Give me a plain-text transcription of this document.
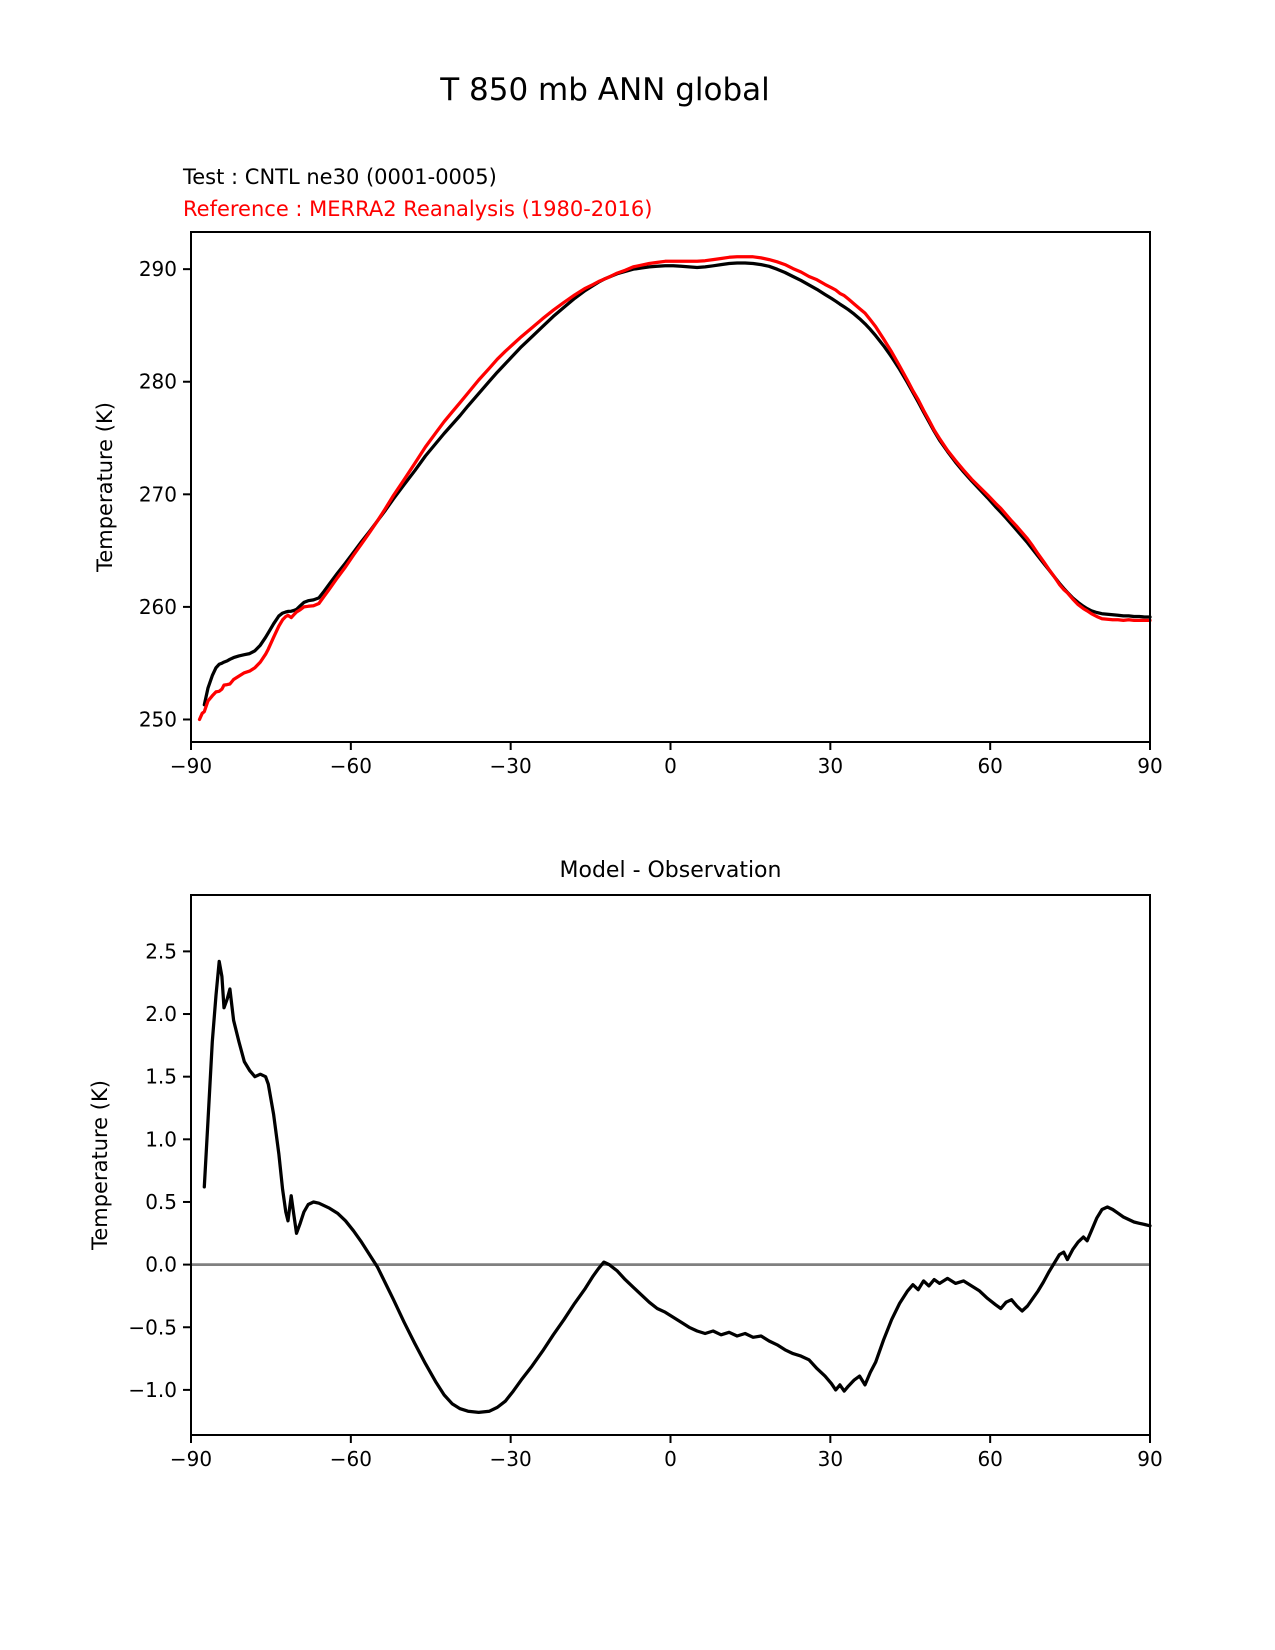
T 850 mb ANN global
Test : CNTL ne30 (0001-0005)
Reference : MERRA2 Reanalysis (1980-2016)
Temperature (K)
Model - Observation
Temperature (K)
−90	−60	−30	0	30	60	90
250
260
270
280
290
−90	−60	−30	0	30	60	90
2.5
2.0
1.5
1.0
0.5
0.0
−0.5
−1.0
